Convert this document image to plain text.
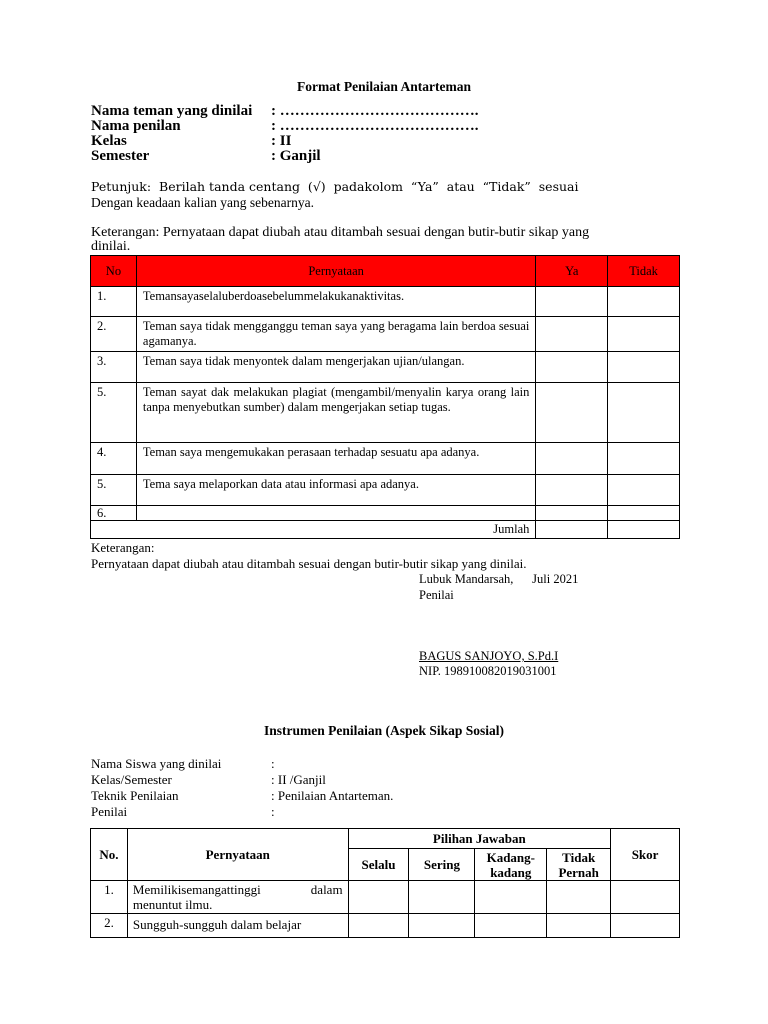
Format Penilaian Antarteman
Nama teman yang dinilai : ………………………………….
Nama penilan	: ………………………………….
Kelas	: II
Semester	: Ganjil
Petunjuk:  Berilah tanda centang  (√)  padakolom  “Ya”  atau  “Tidak”  sesuai
Dengan keadaan kalian yang sebenarnya.
Keterangan: Pernyataan dapat diubah atau ditambah sesuai dengan butir-butir sikap yang
dinilai.
No	Pernyataan	Ya	Tidak
1.	Temansayaselaluberdoasebelummelakukanaktivitas.		
2.	Teman saya tidak mengganggu teman saya yang beragama lain berdoa sesuai agamanya.		
3.	Teman saya tidak menyontek dalam mengerjakan ujian/ulangan.		
5.	Teman sayat dak melakukan plagiat (mengambil/menyalin karya orang lain tanpa menyebutkan sumber) dalam mengerjakan setiap tugas.		
4.	Teman saya mengemukakan perasaan terhadap sesuatu apa adanya.		
5.	Tema saya melaporkan data atau informasi apa adanya.		
6.			
Jumlah			
Keterangan:
Pernyataan dapat diubah atau ditambah sesuai dengan butir-butir sikap yang dinilai.
Lubuk Mandarsah,      Juli 2021
Penilai
BAGUS SANJOYO, S.Pd.I
NIP. 198910082019031001
Instrumen Penilaian (Aspek Sikap Sosial)
Nama Siswa yang dinilai	:
Kelas/Semester	: II /Ganjil
Teknik Penilaian	: Penilaian Antarteman.
Penilai	:
No.	Pernyataan	Pilihan Jawaban				Skor
		Selalu	Sering	Kadang-kadang	Tidak Pernah	
1.	Memilikisemangattinggi dalam menuntut ilmu.					
2.	Sungguh-sungguh dalam belajar					
